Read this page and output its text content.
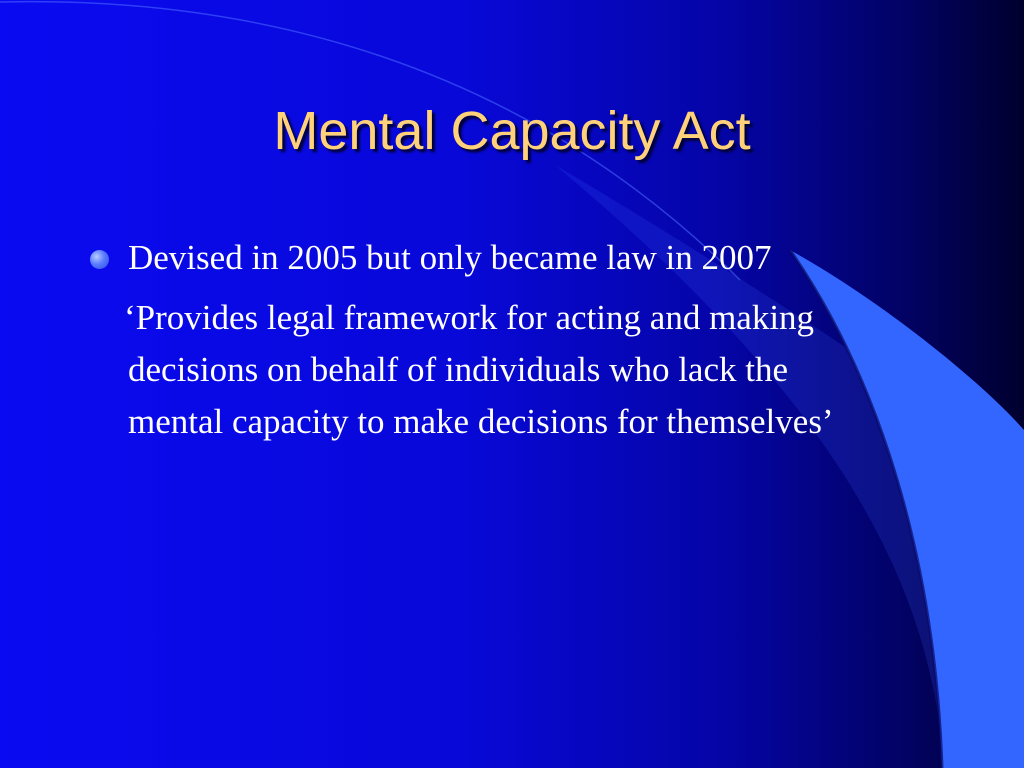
Mental Capacity Act
Devised in 2005 but only became law in 2007
‘Provides legal framework for acting and making decisions on behalf of individuals who lack the mental capacity to make decisions for themselves’
